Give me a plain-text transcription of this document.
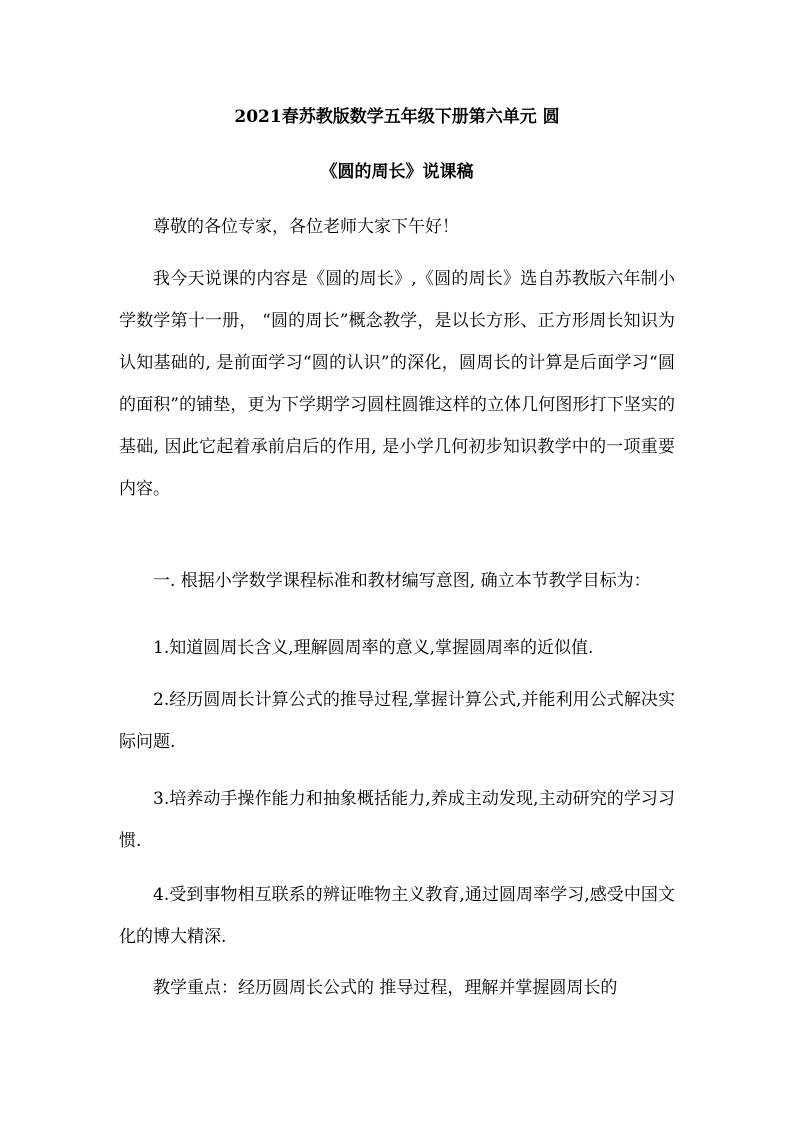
2021春苏教版数学五年级下册第六单元 圆
《圆的周长》说课稿

尊敬的各位专家，各位老师大家下午好！

我今天说课的内容是《圆的周长》,《圆的周长》选自苏教版六年制小学数学第十一册， “圆的周长”概念教学，是以长方形、正方形周长知识为认知基础的, 是前面学习“圆的认识”的深化，圆周长的计算是后面学习“圆的面积”的铺垫，更为下学期学习圆柱圆锥这样的立体几何图形打下坚实的基础, 因此它起着承前启后的作用, 是小学几何初步知识教学中的一项重要内容。

一. 根据小学数学课程标准和教材编写意图, 确立本节教学目标为：

1.知道圆周长含义,理解圆周率的意义,掌握圆周率的近似值.

2.经历圆周长计算公式的推导过程,掌握计算公式,并能利用公式解决实际问题.

3.培养动手操作能力和抽象概括能力,养成主动发现,主动研究的学习习惯.

4.受到事物相互联系的辨证唯物主义教育,通过圆周率学习,感受中国文化的博大精深.

教学重点：经历圆周长公式的 推导过程，理解并掌握圆周长的
